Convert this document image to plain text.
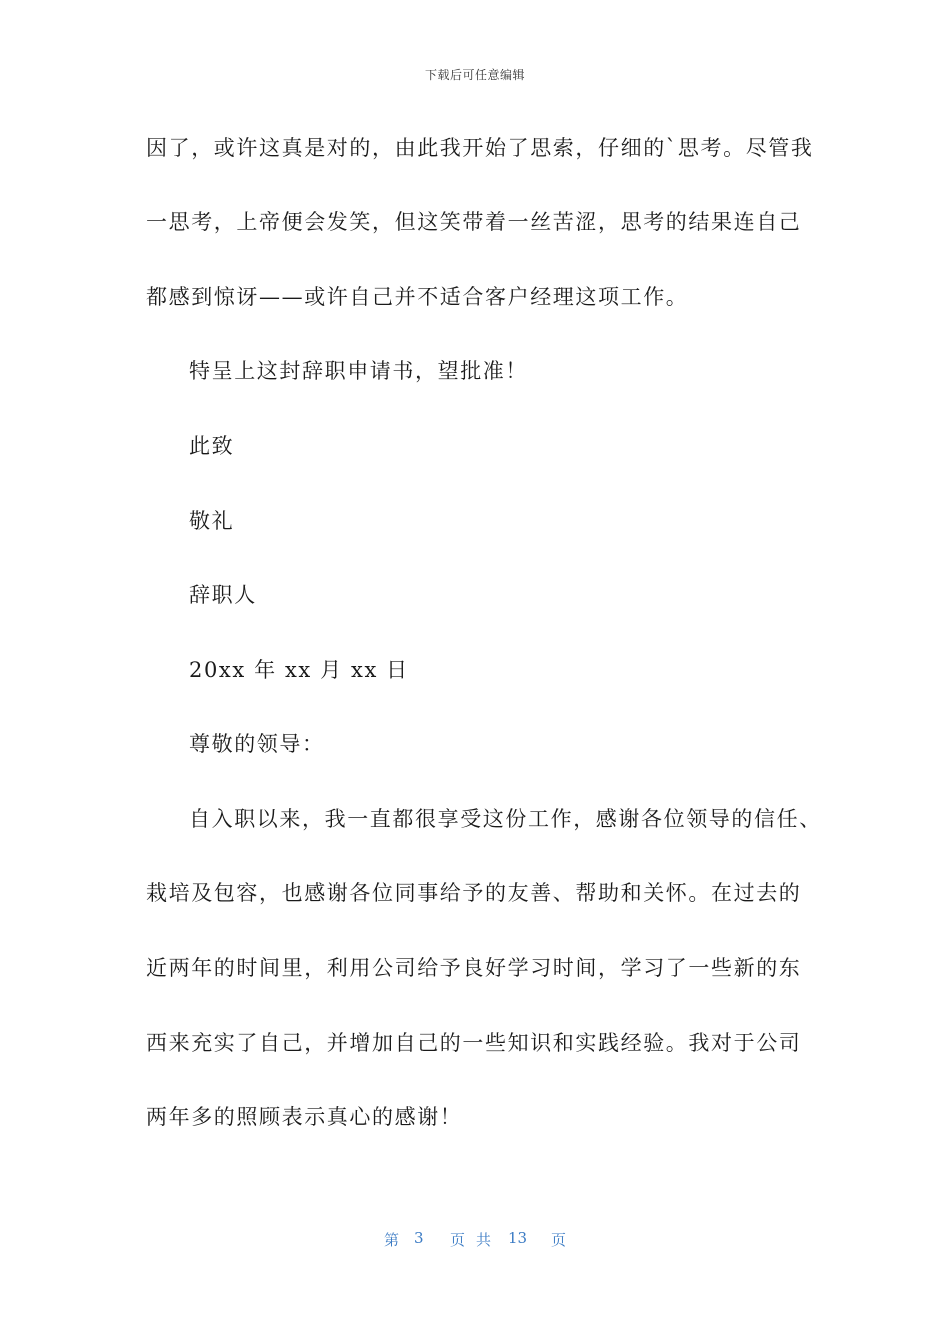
下载后可任意编辑
因了，或许这真是对的，由此我开始了思索，仔细的`思考。尽管我
一思考，上帝便会发笑，但这笑带着一丝苦涩，思考的结果连自己
都感到惊讶——或许自己并不适合客户经理这项工作。
特呈上这封辞职申请书，望批准！
此致
敬礼
辞职人
20xx 年 xx 月 xx 日
尊敬的领导：
自入职以来，我一直都很享受这份工作，感谢各位领导的信任、
栽培及包容，也感谢各位同事给予的友善、帮助和关怀。在过去的
近两年的时间里，利用公司给予良好学习时间，学习了一些新的东
西来充实了自己，并增加自己的一些知识和实践经验。我对于公司
两年多的照顾表示真心的感谢！
第 3 页 共 13 页
